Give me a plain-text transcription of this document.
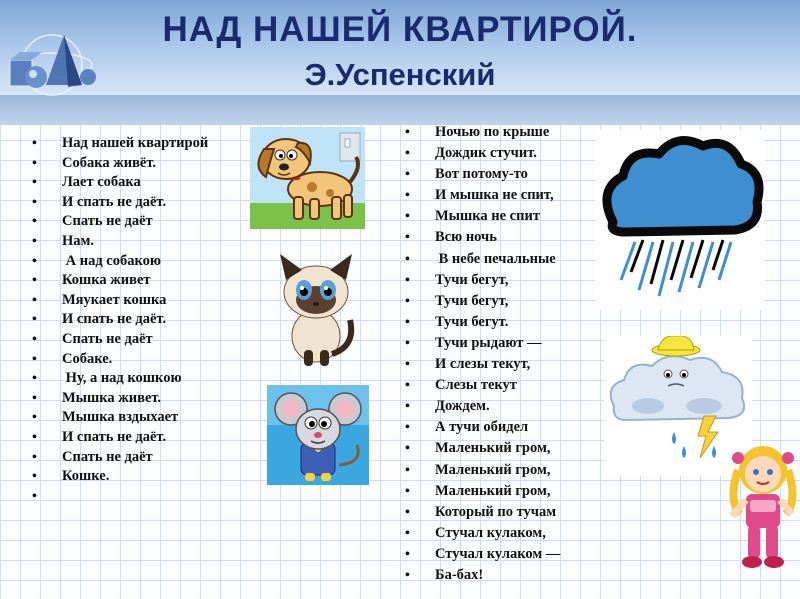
НАД НАШЕЙ КВАРТИРОЙ.
Э.Успенский
• Над нашей квартирой
• Собака живёт.
• Лает собака
• И спать не даёт.
• Спать не даёт
• Нам.
•  А над собакою
• Кошка живет
• Мяукает кошка
• И спать не даёт.
• Спать не даёт
• Собаке.
•  Ну, а над кошкою
• Мышка живет.
• Мышка вздыхает
• И спать не даёт.
• Спать не даёт
• Кошке.
•
• Ночью по крыше
• Дождик стучит.
• Вот потому-то
• И мышка не спит,
• Мышка не спит
• Всю ночь
•  В небе печальные
• Тучи бегут,
• Тучи бегут,
• Тучи бегут.
• Тучи рыдают —
• И слезы текут,
• Слезы текут
• Дождем.
• А тучи обидел
• Маленький гром,
• Маленький гром,
• Маленький гром,
• Который по тучам
• Стучал кулаком,
• Стучал кулаком —
• Ба-бах!
